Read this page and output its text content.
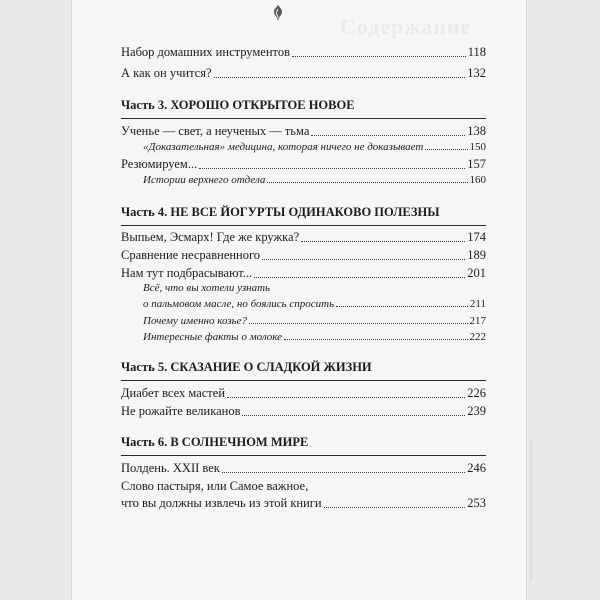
Содержание
Набор домашних инструментов	118
А как он учится?	132
Часть 3. ХОРОШО ОТКРЫТОЕ НОВОЕ
Ученье — свет, а неученых — тьма	138
«Доказательная» медицина, которая ничего не доказывает	150
Резюмируем...	157
Истории верхнего отдела	160
Часть 4. НЕ ВСЕ ЙОГУРТЫ ОДИНАКОВО ПОЛЕЗНЫ
Выпьем, Эсмарх! Где же кружка?	174
Сравнение несравненного	189
Нам тут подбрасывают...	201
Всё, что вы хотели узнать
о пальмовом масле, но боялись спросить	211
Почему именно козье?	217
Интересные факты о молоке	222
Часть 5. СКАЗАНИЕ О СЛАДКОЙ ЖИЗНИ
Диабет всех мастей	226
Не рожайте великанов	239
Часть 6. В СОЛНЕЧНОМ МИРЕ
Полдень. XXII век	246
Слово пастыря, или Самое важное,
что вы должны извлечь из этой книги	253
